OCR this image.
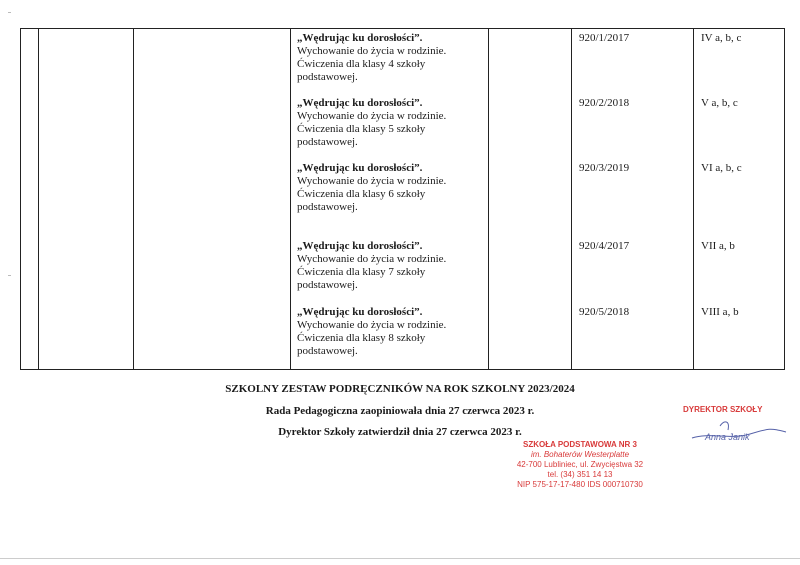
„Wędrując ku dorosłości”.
Wychowanie do życia w rodzinie.
Ćwiczenia dla klasy 4 szkoły
podstawowej.
920/1/2017	IV a, b, c
„Wędrując ku dorosłości”.
Wychowanie do życia w rodzinie.
Ćwiczenia dla klasy 5 szkoły
podstawowej.
920/2/2018	V a, b, c
„Wędrując ku dorosłości”.
Wychowanie do życia w rodzinie.
Ćwiczenia dla klasy 6 szkoły
podstawowej.
920/3/2019	VI a, b, c
„Wędrując ku dorosłości”.
Wychowanie do życia w rodzinie.
Ćwiczenia dla klasy 7 szkoły
podstawowej.
920/4/2017	VII a, b
„Wędrując ku dorosłości”.
Wychowanie do życia w rodzinie.
Ćwiczenia dla klasy 8 szkoły
podstawowej.
920/5/2018	VIII a, b
SZKOLNY ZESTAW PODRĘCZNIKÓW NA ROK SZKOLNY 2023/2024
Rada Pedagogiczna zaopiniowała dnia 27 czerwca 2023 r.
Dyrektor Szkoły zatwierdził dnia 27 czerwca 2023 r.
DYREKTOR SZKOŁY
Anna Janik
SZKOŁA PODSTAWOWA NR 3
im. Bohaterów Westerplatte
42-700 Lubliniec, ul. Zwycięstwa 32
tel. (34) 351 14 13
NIP 575-17-17-480 IDS 000710730
